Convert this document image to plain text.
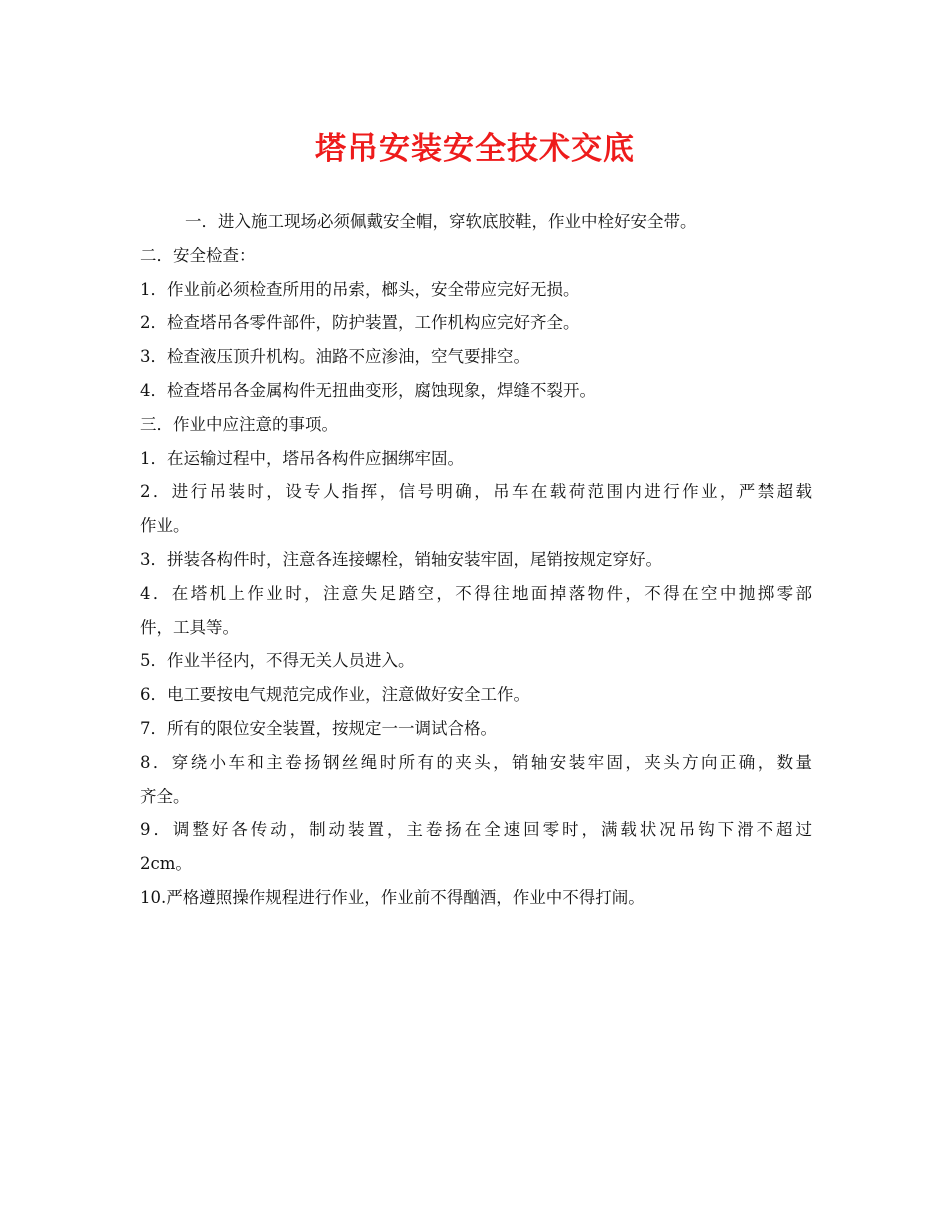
塔吊安装安全技术交底
一．进入施工现场必须佩戴安全帽，穿软底胶鞋，作业中栓好安全带。
二．安全检查：
1．作业前必须检查所用的吊索，榔头，安全带应完好无损。
2．检查塔吊各零件部件，防护装置，工作机构应完好齐全。
3．检查液压顶升机构。油路不应渗油，空气要排空。
4．检查塔吊各金属构件无扭曲变形，腐蚀现象，焊缝不裂开。
三．作业中应注意的事项。
1．在运输过程中，塔吊各构件应捆绑牢固。
2．进行吊装时，设专人指挥，信号明确，吊车在载荷范围内进行作业，严禁超载
作业。
3．拼装各构件时，注意各连接螺栓，销轴安装牢固，尾销按规定穿好。
4．在塔机上作业时，注意失足踏空，不得往地面掉落物件，不得在空中抛掷零部
件，工具等。
5．作业半径内，不得无关人员进入。
6．电工要按电气规范完成作业，注意做好安全工作。
7．所有的限位安全装置，按规定一一调试合格。
8．穿绕小车和主卷扬钢丝绳时所有的夹头，销轴安装牢固，夹头方向正确，数量
齐全。
9．调整好各传动，制动装置，主卷扬在全速回零时，满载状况吊钩下滑不超过
2cm。
10.严格遵照操作规程进行作业，作业前不得酗酒，作业中不得打闹。
